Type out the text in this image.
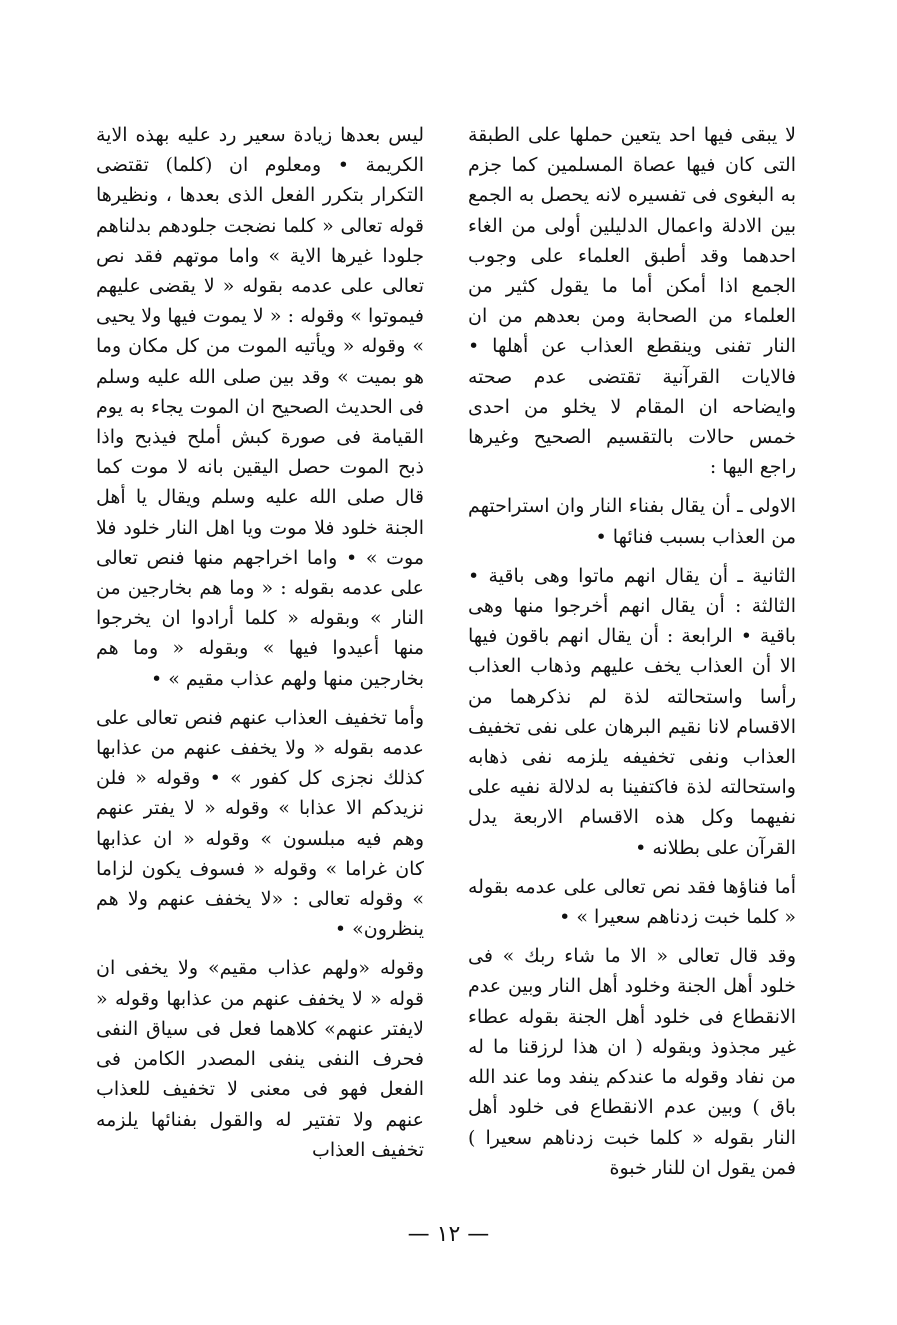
لا يبقى فيها احد يتعين حملها على الطبقة التى كان فيها عصاة المسلمين كما جزم به البغوى فى تفسيره لانه يحصل به الجمع بين الادلة واعمال الدليلين أولى من الغاء احدهما وقد أطبق العلماء على وجوب الجمع اذا أمكن أما ما يقول كثير من العلماء من الصحابة ومن بعدهم من ان النار تفنى وينقطع العذاب عن أهلها • فالايات القرآنية تقتضى عدم صحته وايضاحه ان المقام لا يخلو من احدى خمس حالات بالتقسيم الصحيح وغيرها راجع اليها :

الاولى ـ أن يقال بفناء النار وان استراحتهم من العذاب بسبب فنائها •

الثانية ـ أن يقال انهم ماتوا وهى باقية • الثالثة : أن يقال انهم أخرجوا منها وهى باقية • الرابعة : أن يقال انهم باقون فيها الا أن العذاب يخف عليهم وذهاب العذاب رأسا واستحالته لذة لم نذكرهما من الاقسام لانا نقيم البرهان على نفى تخفيف العذاب ونفى تخفيفه يلزمه نفى ذهابه واستحالته لذة فاكتفينا به لدلالة نفيه على نفيهما وكل هذه الاقسام الاربعة يدل القرآن على بطلانه •

أما فناؤها فقد نص تعالى على عدمه بقوله « كلما خبت زدناهم سعيرا » •

وقد قال تعالى « الا ما شاء ربك » فى خلود أهل الجنة وخلود أهل النار وبين عدم الانقطاع فى خلود أهل الجنة بقوله عطاء غير مجذوذ وبقوله ( ان هذا لرزقنا ما له من نفاد وقوله ما عندكم ينفد وما عند الله باق ) وبين عدم الانقطاع فى خلود أهل النار بقوله « كلما خبت زدناهم سعيرا ) فمن يقول ان للنار خبوة

ليس بعدها زيادة سعير رد عليه بهذه الاية الكريمة • ومعلوم ان (كلما) تقتضى التكرار بتكرر الفعل الذى بعدها ، ونظيرها قوله تعالى « كلما نضجت جلودهم بدلناهم جلودا غيرها الاية » واما موتهم فقد نص تعالى على عدمه بقوله « لا يقضى عليهم فيموتوا » وقوله : « لا يموت فيها ولا يحيى » وقوله « ويأتيه الموت من كل مكان وما هو بميت » وقد بين صلى الله عليه وسلم فى الحديث الصحيح ان الموت يجاء به يوم القيامة فى صورة كبش أملح فيذبح واذا ذبح الموت حصل اليقين بانه لا موت كما قال صلى الله عليه وسلم ويقال يا أهل الجنة خلود فلا موت ويا اهل النار خلود فلا موت » • واما اخراجهم منها فنص تعالى على عدمه بقوله : « وما هم بخارجين من النار » وبقوله « كلما أرادوا ان يخرجوا منها أعيدوا فيها » وبقوله « وما هم بخارجين منها ولهم عذاب مقيم » •

وأما تخفيف العذاب عنهم فنص تعالى على عدمه بقوله « ولا يخفف عنهم من عذابها كذلك نجزى كل كفور » • وقوله « فلن نزيدكم الا عذابا » وقوله « لا يفتر عنهم وهم فيه مبلسون » وقوله « ان عذابها كان غراما » وقوله « فسوف يكون لزاما » وقوله تعالى : «لا يخفف عنهم ولا هم ينظرون» •

وقوله «ولهم عذاب مقيم» ولا يخفى ان قوله « لا يخفف عنهم من عذابها وقوله « لايفتر عنهم» كلاهما فعل فى سياق النفى فحرف النفى ينفى المصدر الكامن فى الفعل فهو فى معنى لا تخفيف للعذاب عنهم ولا تفتير له والقول بفنائها يلزمه تخفيف العذاب

— ١٢ —
